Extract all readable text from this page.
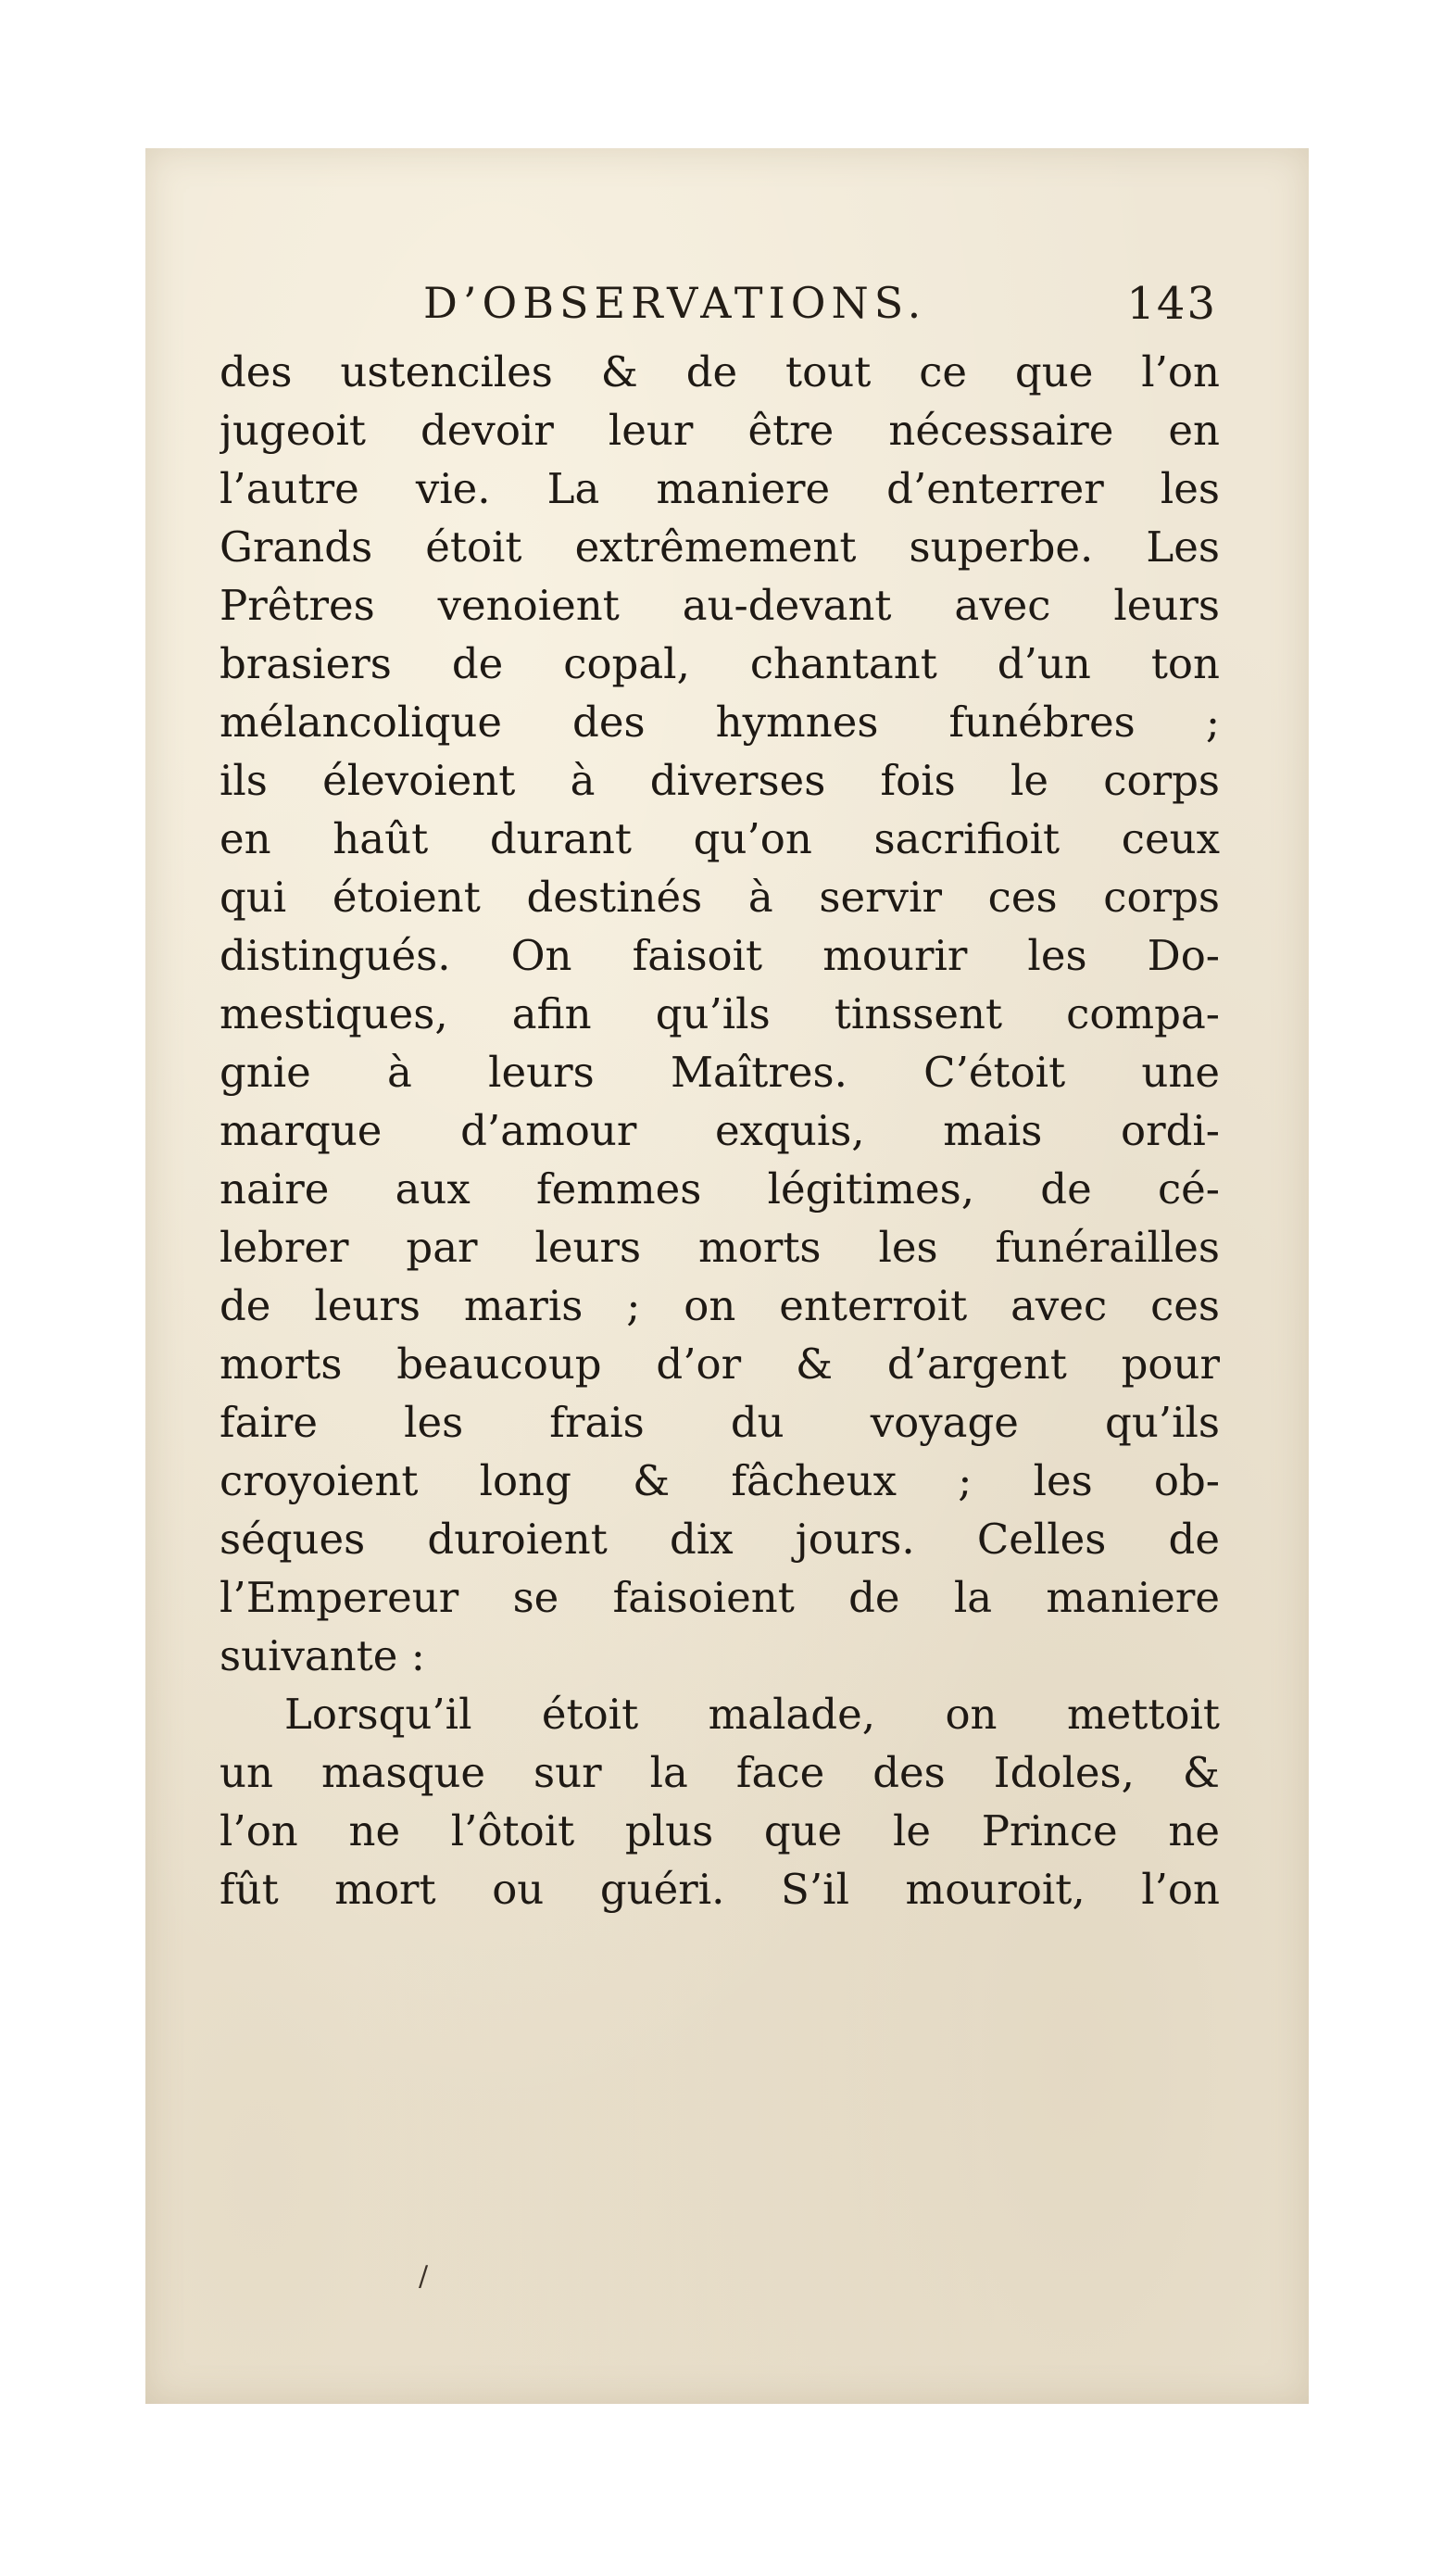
D’OBSERVATIONS.	143
des ustenciles & de tout ce que l’on
jugeoit devoir leur être nécessaire en
l’autre vie. La maniere d’enterrer les
Grands étoit extrêmement superbe. Les
Prêtres venoient au-devant avec leurs
brasiers de copal, chantant d’un ton
mélancolique des hymnes funébres ;
ils élevoient à diverses fois le corps
en haût durant qu’on sacrifioit ceux
qui étoient destinés à servir ces corps
distingués. On faisoit mourir les Do-
mestiques, afin qu’ils tinssent compa-
gnie à leurs Maîtres. C’étoit une
marque d’amour exquis, mais ordi-
naire aux femmes légitimes, de cé-
lebrer par leurs morts les funérailles
de leurs maris ; on enterroit avec ces
morts beaucoup d’or & d’argent pour
faire les frais du voyage qu’ils
croyoient long & fâcheux ; les ob-
séques duroient dix jours. Celles de
l’Empereur se faisoient de la maniere
suivante :
Lorsqu’il étoit malade, on mettoit
un masque sur la face des Idoles, &
l’on ne l’ôtoit plus que le Prince ne
fût mort ou guéri. S’il mouroit, l’on
/
